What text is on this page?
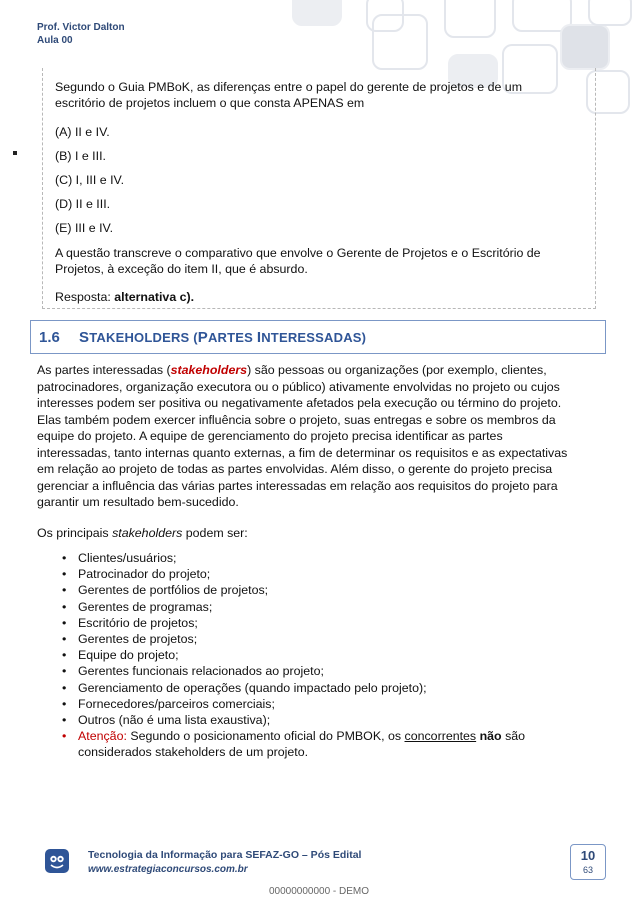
Prof. Victor Dalton
Aula 00
Segundo o Guia PMBoK, as diferenças entre o papel do gerente de projetos e de um
escritório de projetos incluem o que consta APENAS em
(A) II e IV.
(B) I e III.
(C) I, III e IV.
(D) II e III.
(E) III e IV.
A questão transcreve o comparativo que envolve o Gerente de Projetos e o Escritório de
Projetos, à exceção do item II, que é absurdo.
Resposta: alternativa c).
1.6	STAKEHOLDERS (PARTES INTERESSADAS)
As partes interessadas (stakeholders) são pessoas ou organizações (por exemplo, clientes,
patrocinadores, organização executora ou o público) ativamente envolvidas no projeto ou cujos
interesses podem ser positiva ou negativamente afetados pela execução ou término do projeto.
Elas também podem exercer influência sobre o projeto, suas entregas e sobre os membros da
equipe do projeto. A equipe de gerenciamento do projeto precisa identificar as partes
interessadas, tanto internas quanto externas, a fim de determinar os requisitos e as expectativas
em relação ao projeto de todas as partes envolvidas. Além disso, o gerente do projeto precisa
gerenciar a influência das várias partes interessadas em relação aos requisitos do projeto para
garantir um resultado bem-sucedido.
Os principais stakeholders podem ser:
• Clientes/usuários;
• Patrocinador do projeto;
• Gerentes de portfólios de projetos;
• Gerentes de programas;
• Escritório de projetos;
• Gerentes de projetos;
• Equipe do projeto;
• Gerentes funcionais relacionados ao projeto;
• Gerenciamento de operações (quando impactado pelo projeto);
• Fornecedores/parceiros comerciais;
• Outros (não é uma lista exaustiva);
• Atenção: Segundo o posicionamento oficial do PMBOK, os concorrentes não são
considerados stakeholders de um projeto.
Tecnologia da Informação para SEFAZ-GO – Pós Edital
www.estrategiaconcursos.com.br
10
63
00000000000 - DEMO
